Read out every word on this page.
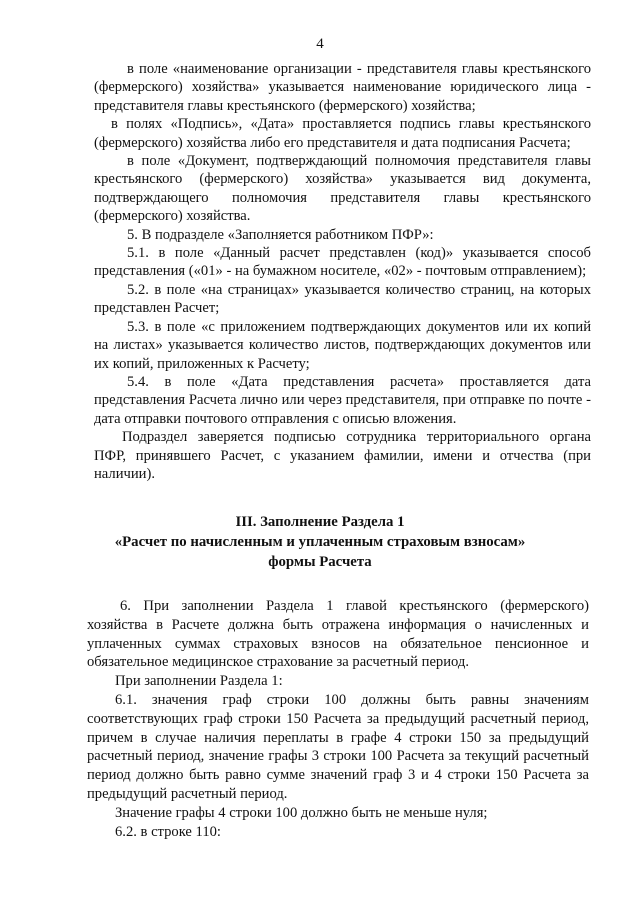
4

в поле «наименование организации - представителя главы крестьянского (фермерского) хозяйства» указывается наименование юридического лица - представителя главы крестьянского (фермерского) хозяйства;

в полях «Подпись», «Дата» проставляется подпись главы крестьянского (фермерского) хозяйства либо его представителя и дата подписания Расчета;

в поле «Документ, подтверждающий полномочия представителя главы крестьянского (фермерского) хозяйства» указывается вид документа, подтверждающего полномочия представителя главы крестьянского (фермерского) хозяйства.

5. В подразделе «Заполняется работником ПФР»:

5.1. в поле «Данный расчет представлен (код)» указывается способ представления («01» - на бумажном носителе, «02» - почтовым отправлением);

5.2. в поле «на страницах» указывается количество страниц, на которых представлен Расчет;

5.3. в поле «с приложением подтверждающих документов или их копий на листах» указывается количество листов, подтверждающих документов или их копий, приложенных к Расчету;

5.4. в поле «Дата представления расчета» проставляется дата представления Расчета лично или через представителя, при отправке по почте - дата отправки почтового отправления с описью вложения.

Подраздел заверяется подписью сотрудника территориального органа ПФР, принявшего Расчет, с указанием фамилии, имени и отчества (при наличии).

III. Заполнение Раздела 1
«Расчет по начисленным и уплаченным страховым взносам»
формы Расчета

6. При заполнении Раздела 1 главой крестьянского (фермерского) хозяйства в Расчете должна быть отражена информация о начисленных и уплаченных суммах страховых взносов на обязательное пенсионное и обязательное медицинское страхование за расчетный период.

При заполнении Раздела 1:

6.1. значения граф строки 100 должны быть равны значениям соответствующих граф строки 150 Расчета за предыдущий расчетный период, причем в случае наличия переплаты в графе 4 строки 150 за предыдущий расчетный период, значение графы 3 строки 100 Расчета за текущий расчетный период должно быть равно сумме значений граф 3 и 4 строки 150 Расчета за предыдущий расчетный период.

Значение графы 4 строки 100 должно быть не меньше нуля;

6.2. в строке 110:
